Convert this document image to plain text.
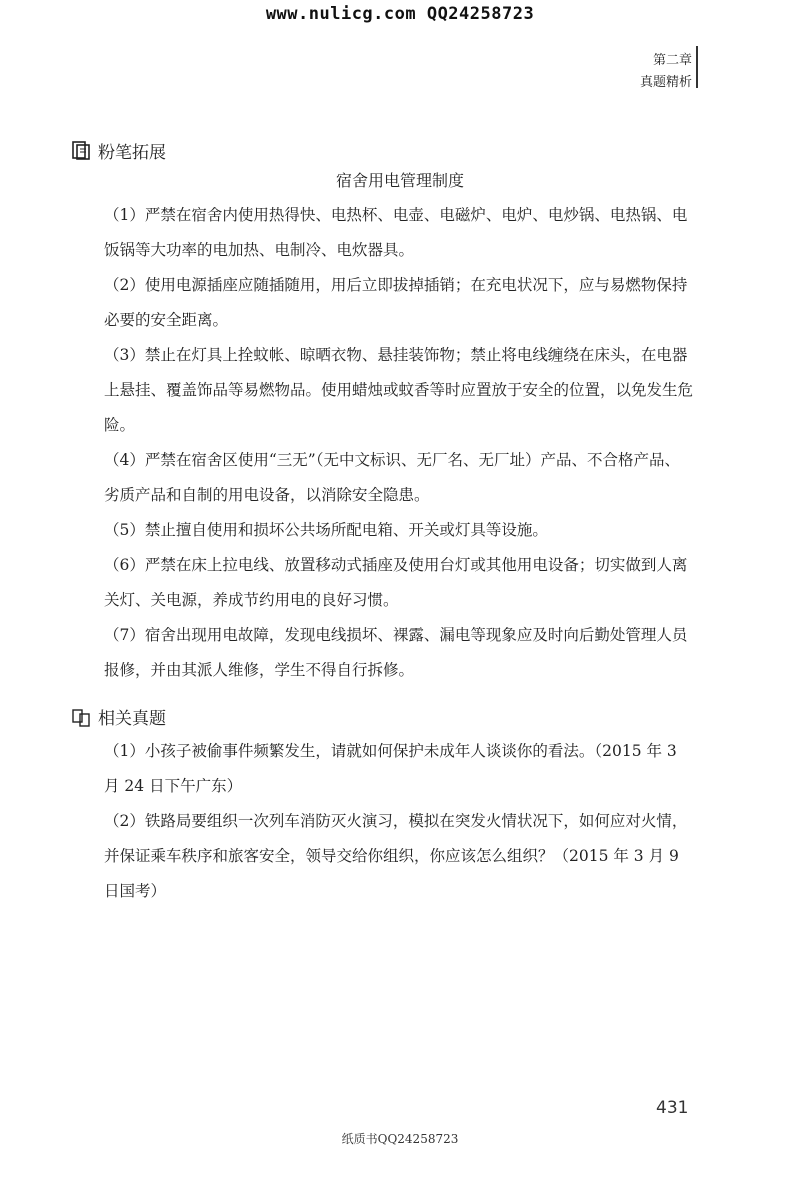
www.nulicg.com QQ24258723
第二章
真题精析
粉笔拓展
宿舍用电管理制度

（1）严禁在宿舍内使用热得快、电热杯、电壶、电磁炉、电炉、电炒锅、电热锅、电饭锅等大功率的电加热、电制冷、电炊器具。

（2）使用电源插座应随插随用，用后立即拔掉插销；在充电状况下，应与易燃物保持必要的安全距离。

（3）禁止在灯具上拴蚊帐、晾晒衣物、悬挂装饰物；禁止将电线缠绕在床头，在电器上悬挂、覆盖饰品等易燃物品。使用蜡烛或蚊香等时应置放于安全的位置，以免发生危险。

（4）严禁在宿舍区使用“三无”（无中文标识、无厂名、无厂址）产品、不合格产品、劣质产品和自制的用电设备，以消除安全隐患。

（5）禁止擅自使用和损坏公共场所配电箱、开关或灯具等设施。

（6）严禁在床上拉电线、放置移动式插座及使用台灯或其他用电设备；切实做到人离关灯、关电源，养成节约用电的良好习惯。

（7）宿舍出现用电故障，发现电线损坏、裸露、漏电等现象应及时向后勤处管理人员报修，并由其派人维修，学生不得自行拆修。

相关真题

（1）小孩子被偷事件频繁发生，请就如何保护未成年人谈谈你的看法。（2015 年 3 月 24 日下午广东）

（2）铁路局要组织一次列车消防灭火演习，模拟在突发火情状况下，如何应对火情，并保证乘车秩序和旅客安全，领导交给你组织，你应该怎么组织？（2015 年 3 月 9 日国考）

431
纸质书QQ24258723
